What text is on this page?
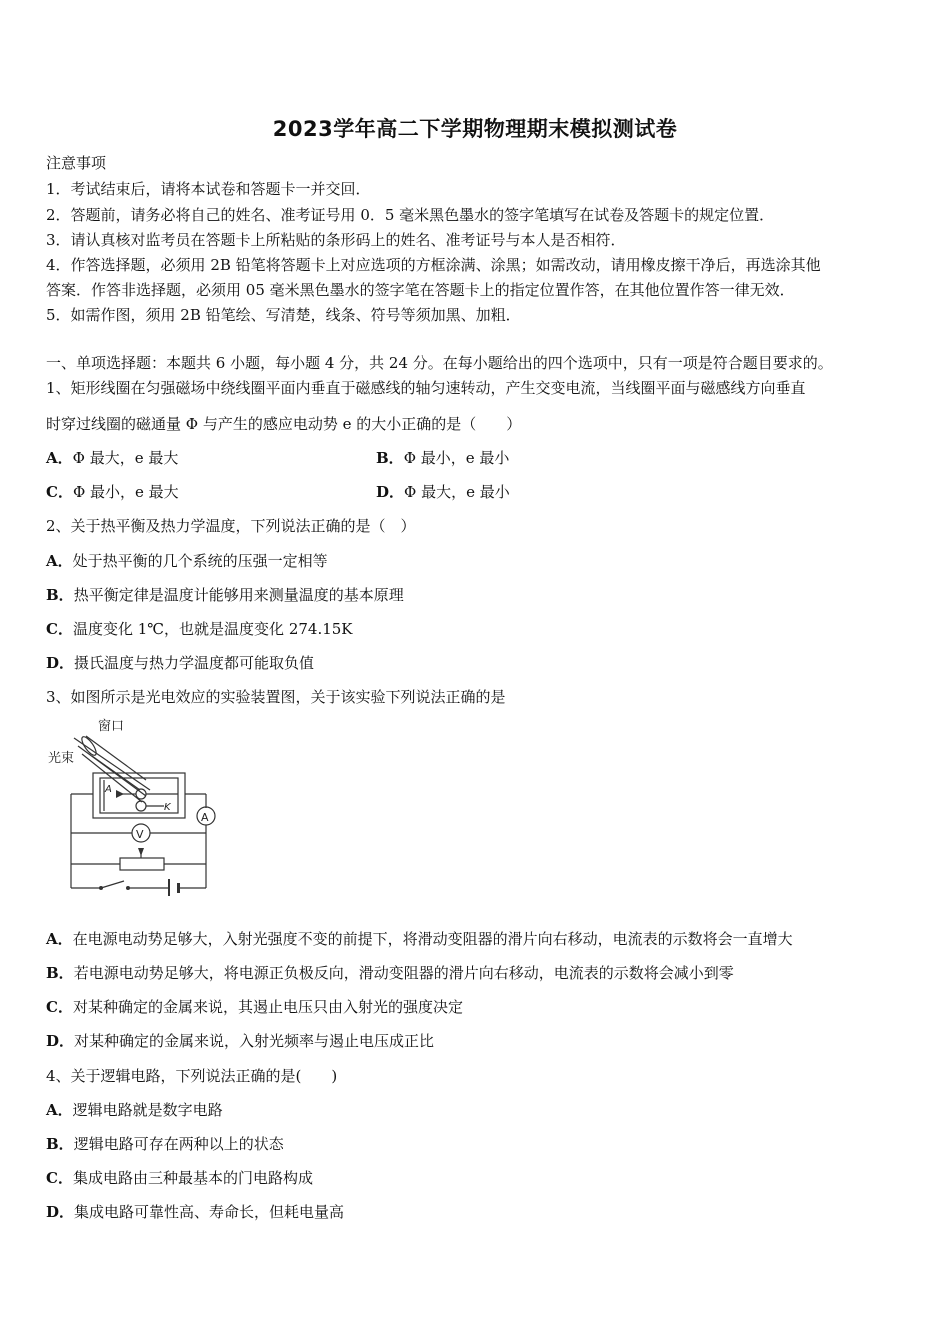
2023学年高二下学期物理期末模拟测试卷
注意事项
1．考试结束后，请将本试卷和答题卡一并交回．
2．答题前，请务必将自己的姓名、准考证号用 0．5 毫米黑色墨水的签字笔填写在试卷及答题卡的规定位置．
3．请认真核对监考员在答题卡上所粘贴的条形码上的姓名、准考证号与本人是否相符．
4．作答选择题，必须用 2B 铅笔将答题卡上对应选项的方框涂满、涂黑；如需改动，请用橡皮擦干净后，再选涂其他
答案．作答非选择题，必须用 05 毫米黑色墨水的签字笔在答题卡上的指定位置作答，在其他位置作答一律无效．
5．如需作图，须用 2B 铅笔绘、写清楚，线条、符号等须加黑、加粗．
一、单项选择题：本题共 6 小题，每小题 4 分，共 24 分。在每小题给出的四个选项中，只有一项是符合题目要求的。
1、矩形线圈在匀强磁场中绕线圈平面内垂直于磁感线的轴匀速转动，产生交变电流，当线圈平面与磁感线方向垂直
时穿过线圈的磁通量 Φ 与产生的感应电动势 e 的大小正确的是（　　）
A．Φ 最大，e 最大	B．Φ 最小，e 最小
C．Φ 最小，e 最大	D．Φ 最大，e 最小
2、关于热平衡及热力学温度，下列说法正确的是（　）
A．处于热平衡的几个系统的压强一定相等
B．热平衡定律是温度计能够用来测量温度的基本原理
C．温度变化 1℃，也就是温度变化 274.15K
D．摄氏温度与热力学温度都可能取负值
3、如图所示是光电效应的实验装置图，关于该实验下列说法正确的是
窗口
光束
A
K
A
V
A．在电源电动势足够大，入射光强度不变的前提下，将滑动变阻器的滑片向右移动，电流表的示数将会一直增大
B．若电源电动势足够大，将电源正负极反向，滑动变阻器的滑片向右移动，电流表的示数将会减小到零
C．对某种确定的金属来说，其遏止电压只由入射光的强度决定
D．对某种确定的金属来说，入射光频率与遏止电压成正比
4、关于逻辑电路，下列说法正确的是(　　)
A．逻辑电路就是数字电路
B．逻辑电路可存在两种以上的状态
C．集成电路由三种最基本的门电路构成
D．集成电路可靠性高、寿命长，但耗电量高
